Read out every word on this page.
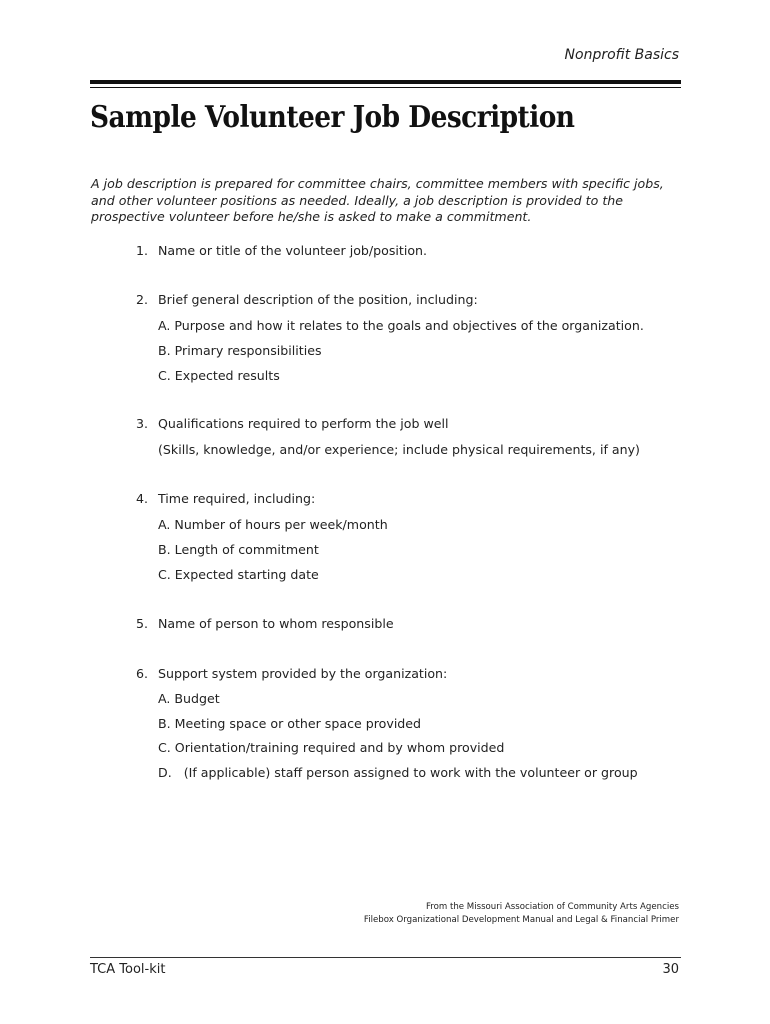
Nonprofit Basics
Sample Volunteer Job Description
A job description is prepared for committee chairs, committee members with specific jobs, and other volunteer positions as needed. Ideally, a job description is provided to the prospective volunteer before he/she is asked to make a commitment.
1. Name or title of the volunteer job/position.
2. Brief general description of the position, including:
A. Purpose and how it relates to the goals and objectives of the organization.
B. Primary responsibilities
C. Expected results
3. Qualifications required to perform the job well
(Skills, knowledge, and/or experience; include physical requirements, if any)
4. Time required, including:
A. Number of hours per week/month
B. Length of commitment
C. Expected starting date
5. Name of person to whom responsible
6. Support system provided by the organization:
A. Budget
B. Meeting space or other space provided
C. Orientation/training required and by whom provided
D.   (If applicable) staff person assigned to work with the volunteer or group
From the Missouri Association of Community Arts Agencies
Filebox Organizational Development Manual and Legal & Financial Primer
TCA Tool-kit	30
